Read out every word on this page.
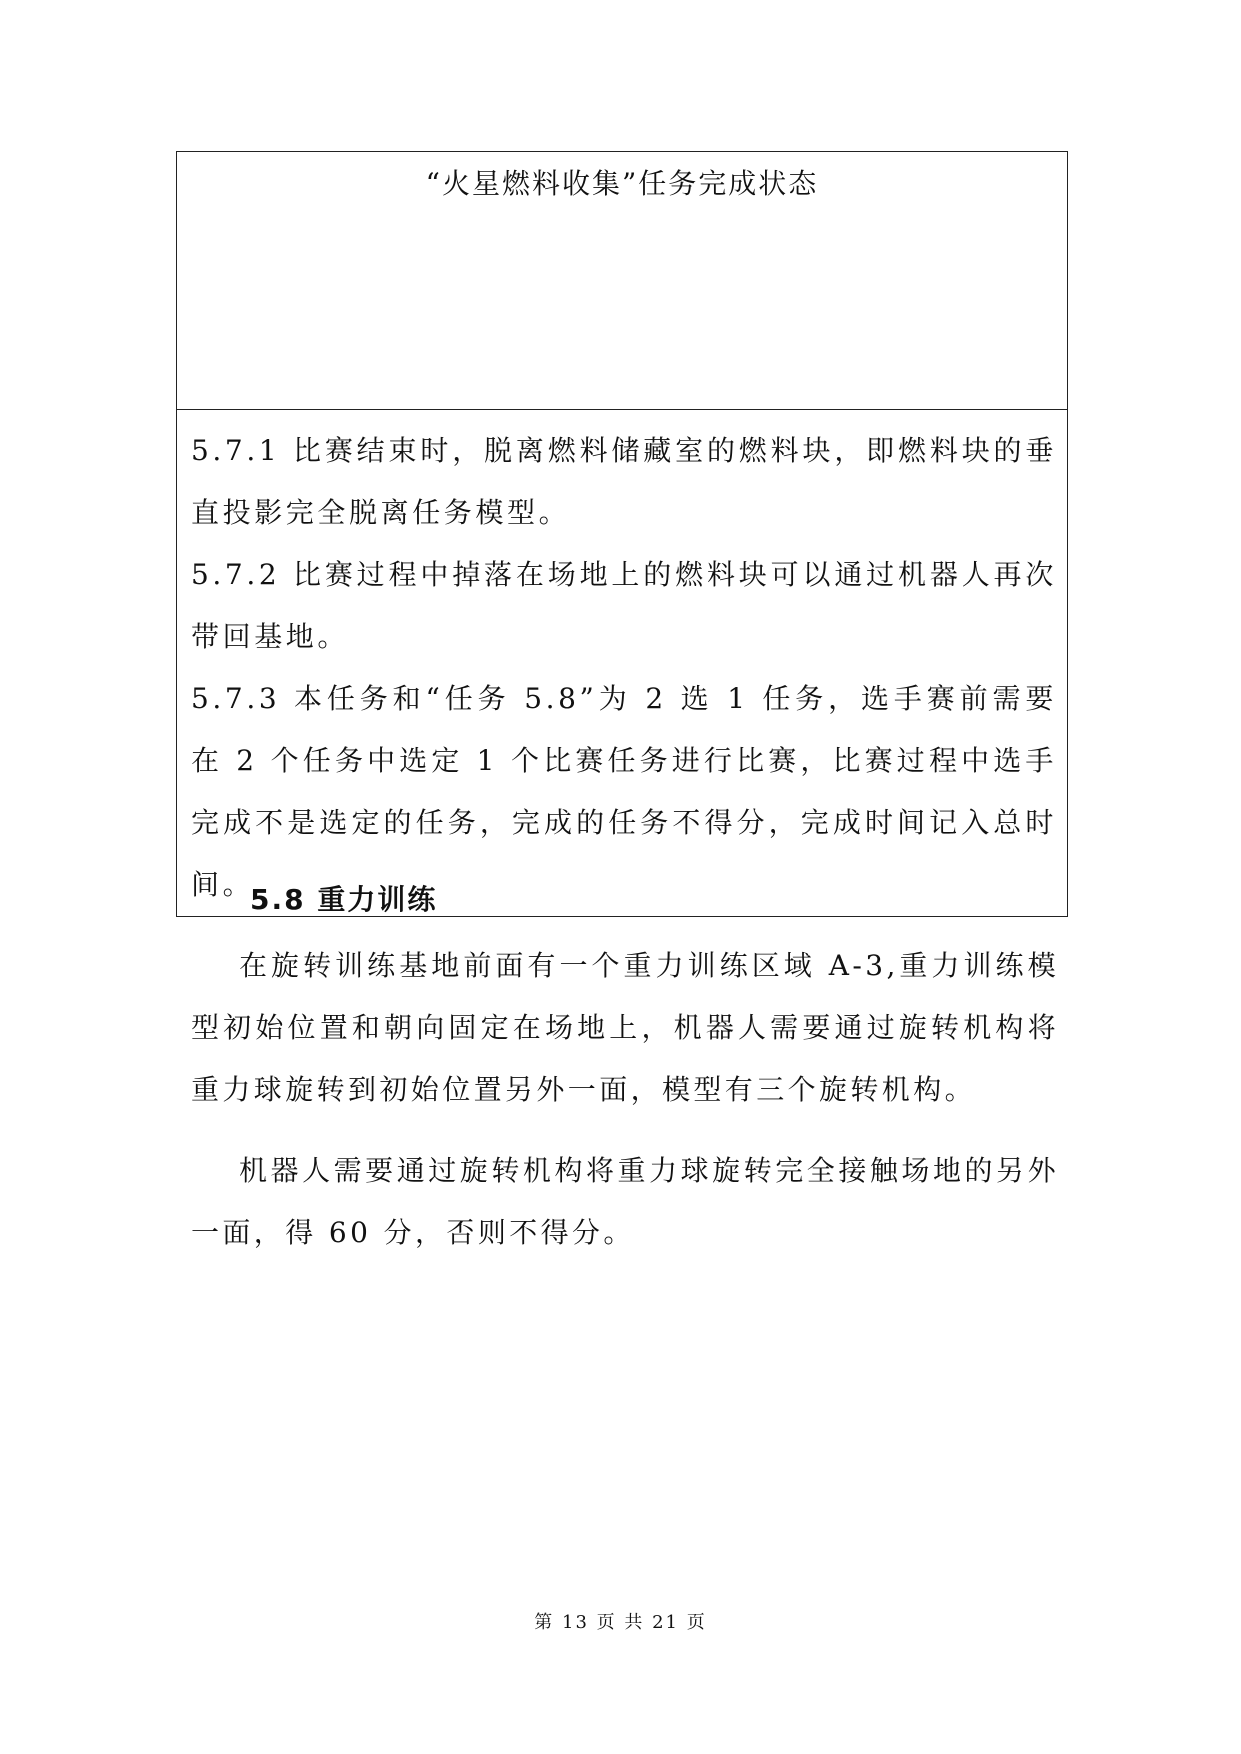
“火星燃料收集”任务完成状态

5.7.1 比赛结束时，脱离燃料储藏室的燃料块，即燃料块的垂直投影完全脱离任务模型。

5.7.2 比赛过程中掉落在场地上的燃料块可以通过机器人再次带回基地。

5.7.3 本任务和“任务 5.8”为 2 选 1 任务，选手赛前需要在 2 个任务中选定 1 个比赛任务进行比赛，比赛过程中选手完成不是选定的任务，完成的任务不得分，完成时间记入总时间。

5.8 重力训练

在旋转训练基地前面有一个重力训练区域 A-3,重力训练模型初始位置和朝向固定在场地上，机器人需要通过旋转机构将重力球旋转到初始位置另外一面，模型有三个旋转机构。

机器人需要通过旋转机构将重力球旋转完全接触场地的另外一面，得 60 分，否则不得分。

第 13 页 共 21 页
